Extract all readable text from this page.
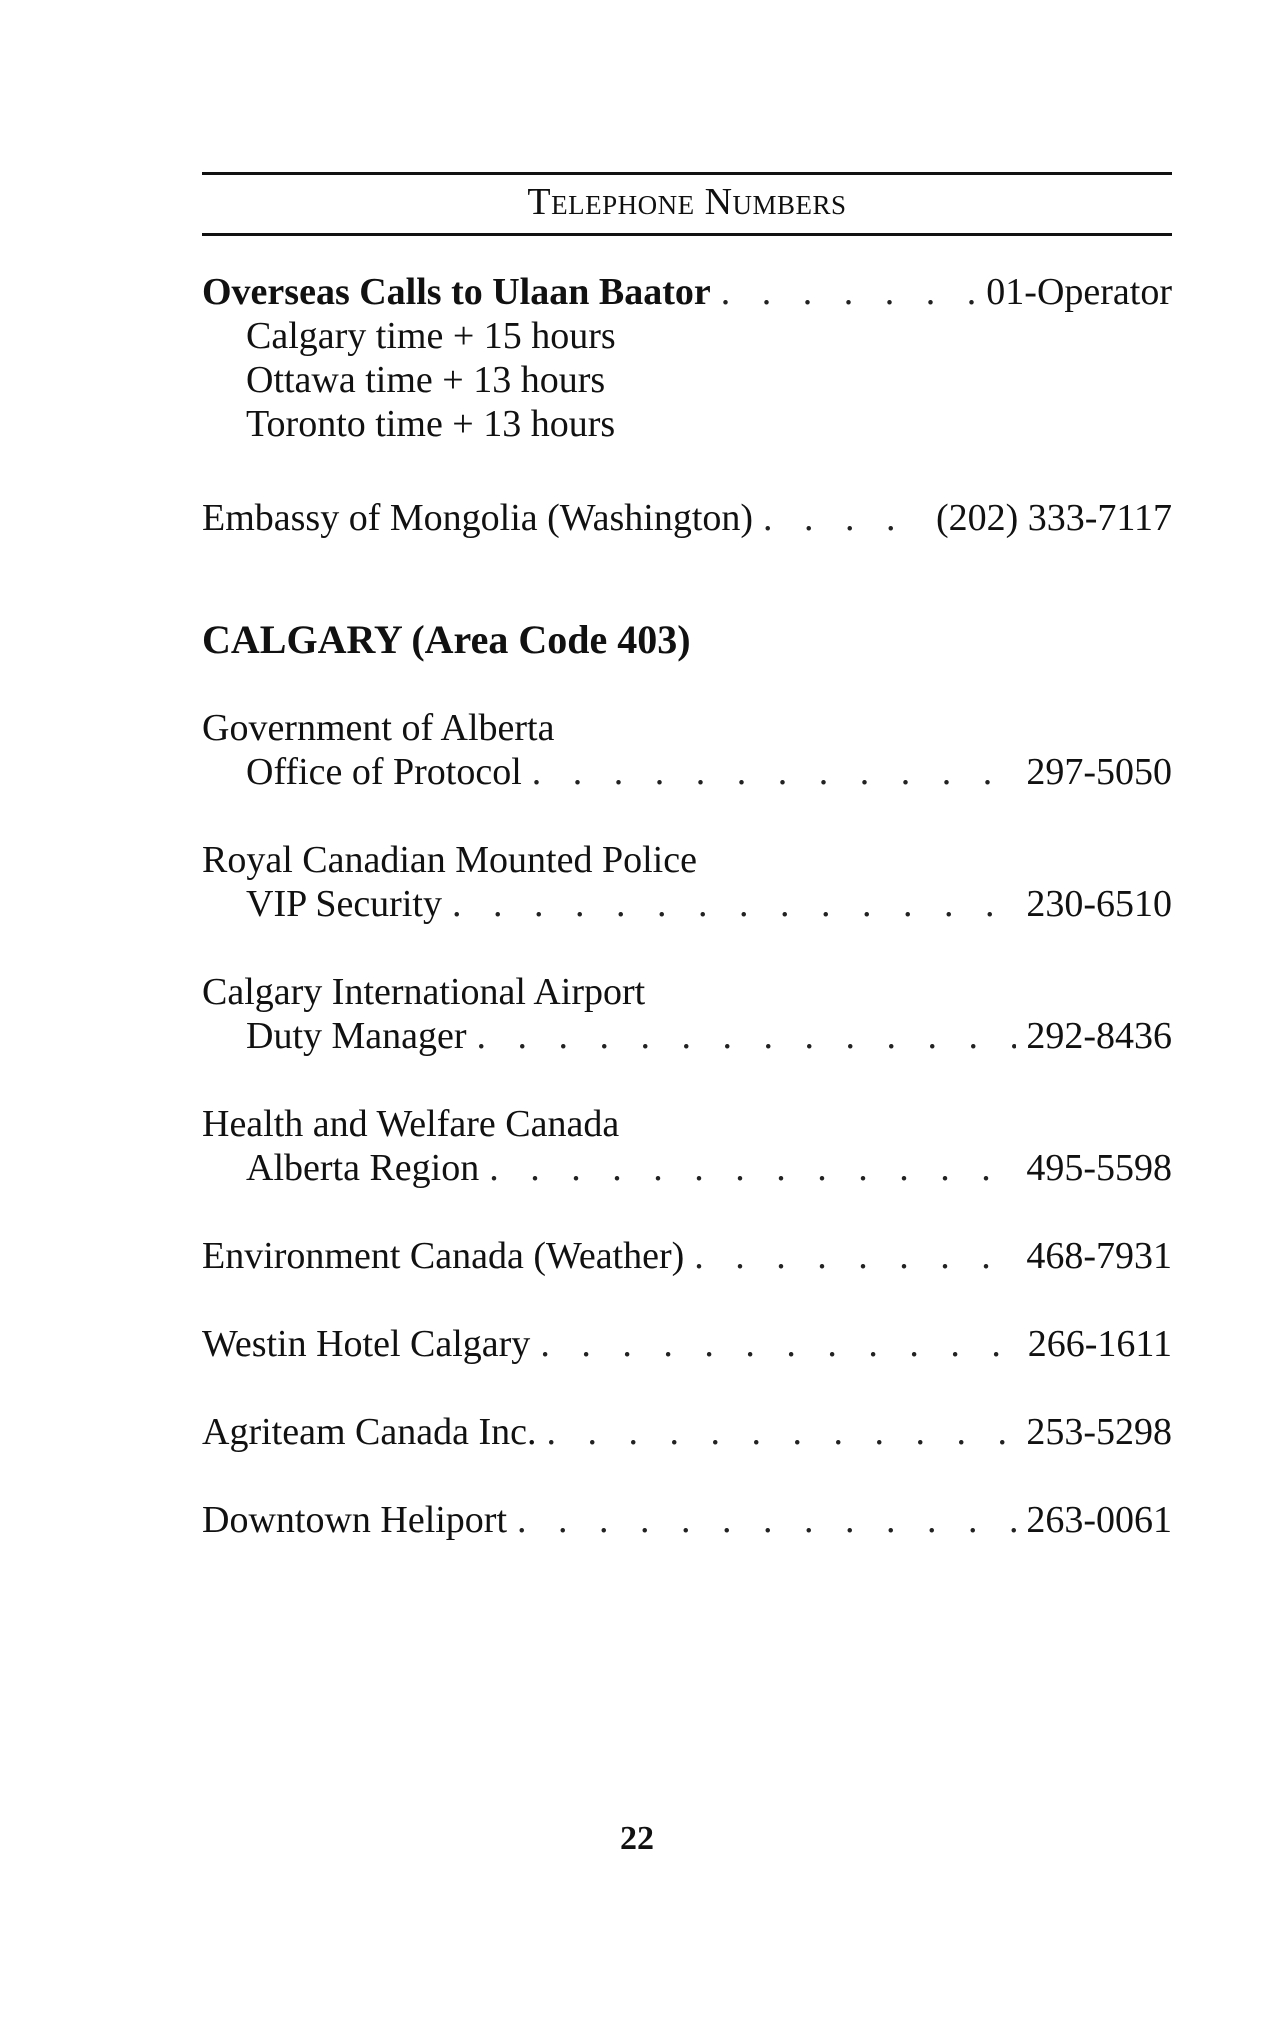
Telephone Numbers
Overseas Calls to Ulaan Baator . . .	01-Operator
Calgary time + 15 hours
Ottawa time + 13 hours
Toronto time + 13 hours
Embassy of Mongolia (Washington) . . .	(202) 333-7117
CALGARY (Area Code 403)
Government of Alberta
Office of Protocol . . .	297-5050
Royal Canadian Mounted Police
VIP Security . . .	230-6510
Calgary International Airport
Duty Manager . . .	292-8436
Health and Welfare Canada
Alberta Region . . .	495-5598
Environment Canada (Weather) . . .	468-7931
Westin Hotel Calgary . . .	266-1611
Agriteam Canada Inc. . . .	253-5298
Downtown Heliport . . .	263-0061
22
